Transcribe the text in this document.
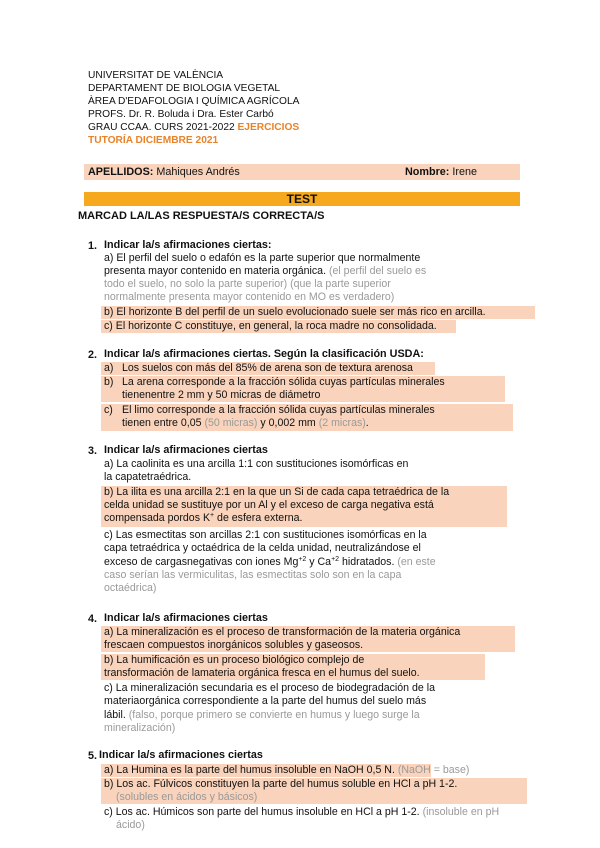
UNIVERSITAT DE VALÈNCIA
DEPARTAMENT DE BIOLOGIA VEGETAL
ÀREA D'EDAFOLOGIA I QUÍMICA AGRÍCOLA
PROFS. Dr. R. Boluda i Dra. Ester Carbó
GRAU CCAA. CURS 2021-2022 EJERCICIOS
TUTORÍA DICIEMBRE 2021
APELLIDOS: Mahiques Andrés	Nombre: Irene
TEST
MARCAD LA/LAS RESPUESTA/S CORRECTA/S
1. Indicar la/s afirmaciones ciertas:
a) El perfil del suelo o edafón es la parte superior que normalmente
presenta mayor contenido en materia orgánica. (el perfil del suelo es
todo el suelo, no solo la parte superior) (que la parte superior
normalmente presenta mayor contenido en MO es verdadero)
b) El horizonte B del perfil de un suelo evolucionado suele ser más rico en arcilla.
c) El horizonte C constituye, en general, la roca madre no consolidada.
2. Indicar la/s afirmaciones ciertas. Según la clasificación USDA:
a) Los suelos con más del 85% de arena son de textura arenosa
b) La arena corresponde a la fracción sólida cuyas partículas minerales
tienenentre 2 mm y 50 micras de diámetro
c) El limo corresponde a la fracción sólida cuyas partículas minerales
tienen entre 0,05 (50 micras) y 0,002 mm (2 micras).
3. Indicar la/s afirmaciones ciertas
a) La caolinita es una arcilla 1:1 con sustituciones isomórficas en
la capatetraédrica.
b) La ilita es una arcilla 2:1 en la que un Si de cada capa tetraédrica de la
celda unidad se sustituye por un Al y el exceso de carga negativa está
compensada pordos K+ de esfera externa.
c) Las esmectitas son arcillas 2:1 con sustituciones isomórficas en la
capa tetraédrica y octaédrica de la celda unidad, neutralizándose el
exceso de cargasnegativas con iones $Mg^{+2}$ y $Ca^{+2}$ hidratados. (en este
caso serían las vermiculitas, las esmectitas solo son en la capa
octaédrica)
4. Indicar la/s afirmaciones ciertas
a) La mineralización es el proceso de transformación de la materia orgánica
frescaen compuestos inorgánicos solubles y gaseosos.
b) La humificación es un proceso biológico complejo de
transformación de lamateria orgánica fresca en el humus del suelo.
c) La mineralización secundaria es el proceso de biodegradación de la
materiaorgánica correspondiente a la parte del humus del suelo más
lábil. (falso, porque primero se convierte en humus y luego surge la
mineralización)
5. Indicar la/s afirmaciones ciertas
a) La Humina es la parte del humus insoluble en NaOH 0,5 N. (NaOH = base)
b) Los ac. Fúlvicos constituyen la parte del humus soluble en HCl a pH 1-2.
(solubles en ácidos y básicos)
c) Los ac. Húmicos son parte del humus insoluble en HCl a pH 1-2. (insoluble en pH
ácido)
